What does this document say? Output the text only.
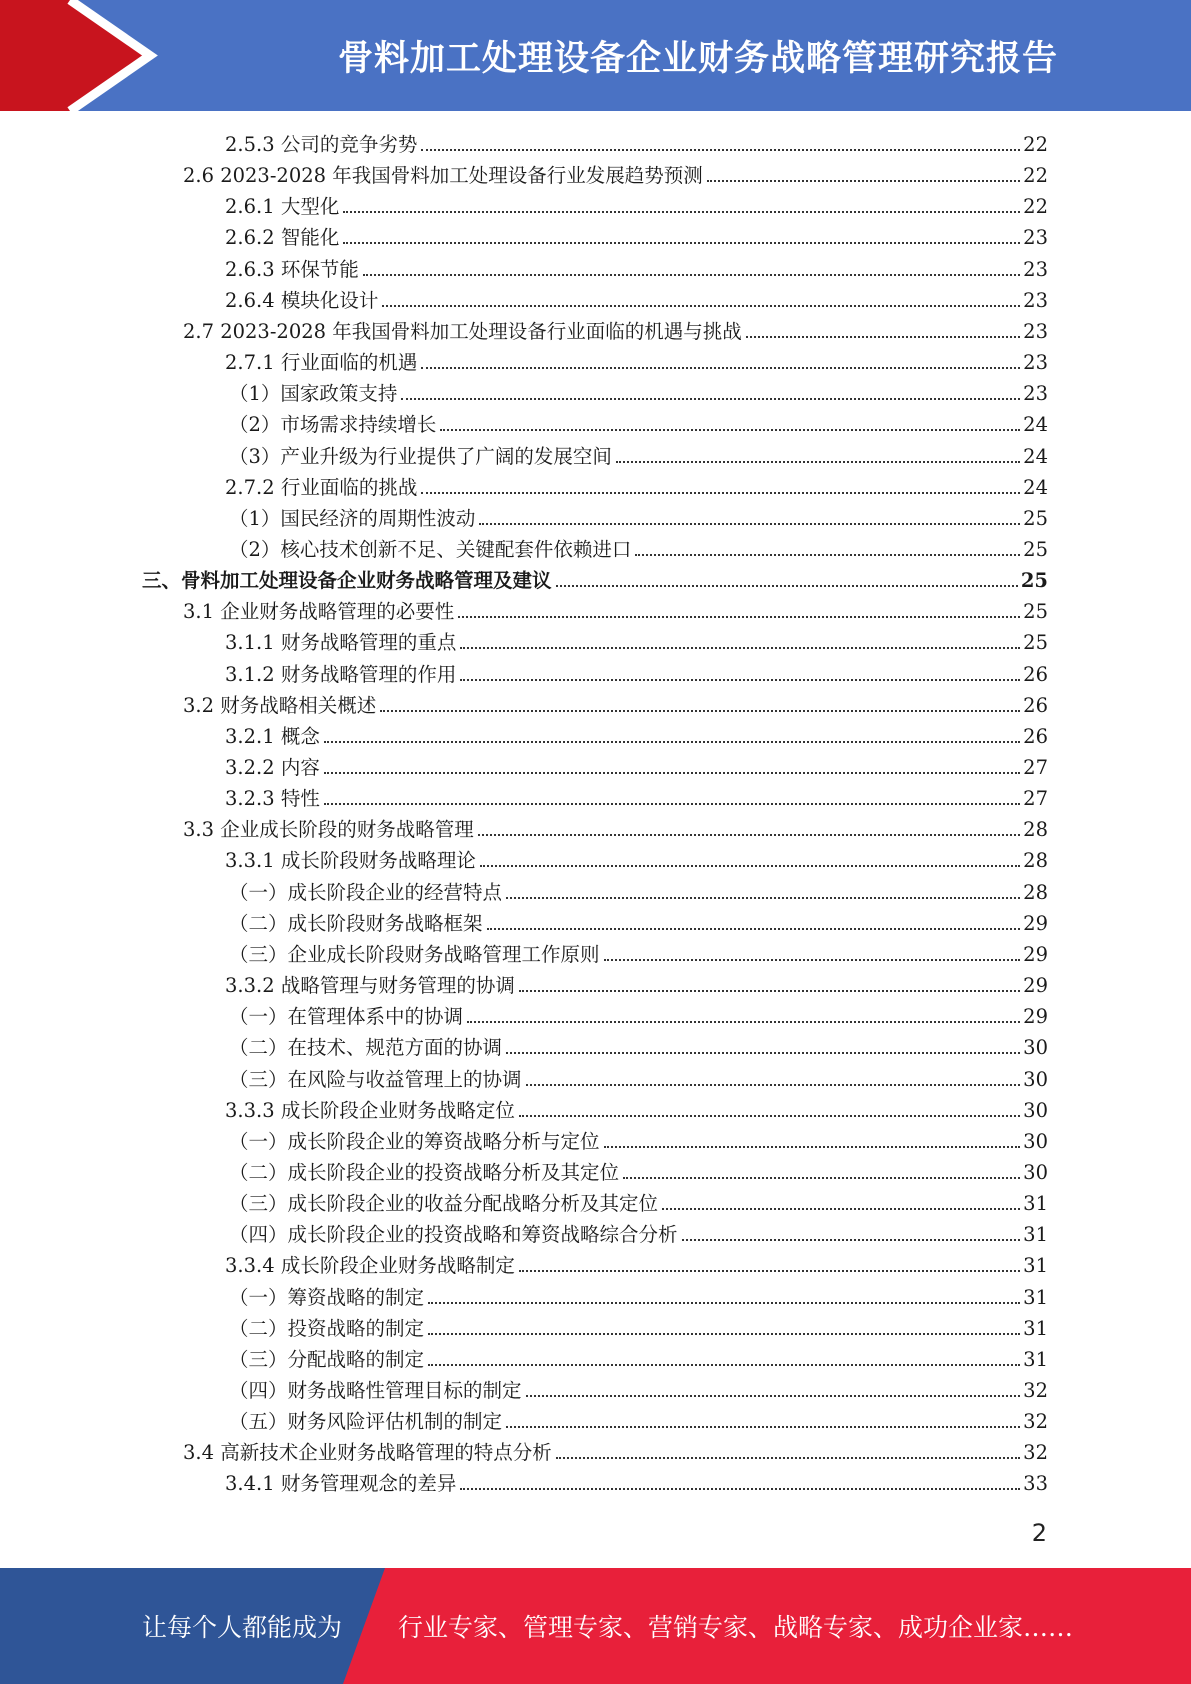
骨料加工处理设备企业财务战略管理研究报告
2.5.3 公司的竞争劣势	22
2.6 2023-2028 年我国骨料加工处理设备行业发展趋势预测	22
2.6.1 大型化	22
2.6.2 智能化	23
2.6.3 环保节能	23
2.6.4 模块化设计	23
2.7 2023-2028 年我国骨料加工处理设备行业面临的机遇与挑战	23
2.7.1 行业面临的机遇	23
（1）国家政策支持	23
（2）市场需求持续增长	24
（3）产业升级为行业提供了广阔的发展空间	24
2.7.2 行业面临的挑战	24
（1）国民经济的周期性波动	25
（2）核心技术创新不足、关键配套件依赖进口	25
三、骨料加工处理设备企业财务战略管理及建议	25
3.1 企业财务战略管理的必要性	25
3.1.1 财务战略管理的重点	25
3.1.2 财务战略管理的作用	26
3.2 财务战略相关概述	26
3.2.1 概念	26
3.2.2 内容	27
3.2.3 特性	27
3.3 企业成长阶段的财务战略管理	28
3.3.1 成长阶段财务战略理论	28
（一）成长阶段企业的经营特点	28
（二）成长阶段财务战略框架	29
（三）企业成长阶段财务战略管理工作原则	29
3.3.2 战略管理与财务管理的协调	29
（一）在管理体系中的协调	29
（二）在技术、规范方面的协调	30
（三）在风险与收益管理上的协调	30
3.3.3 成长阶段企业财务战略定位	30
（一）成长阶段企业的筹资战略分析与定位	30
（二）成长阶段企业的投资战略分析及其定位	30
（三）成长阶段企业的收益分配战略分析及其定位	31
（四）成长阶段企业的投资战略和筹资战略综合分析	31
3.3.4 成长阶段企业财务战略制定	31
（一）筹资战略的制定	31
（二）投资战略的制定	31
（三）分配战略的制定	31
（四）财务战略性管理目标的制定	32
（五）财务风险评估机制的制定	32
3.4 高新技术企业财务战略管理的特点分析	32
3.4.1 财务管理观念的差异	33
2
让每个人都能成为 行业专家、管理专家、营销专家、战略专家、成功企业家……
